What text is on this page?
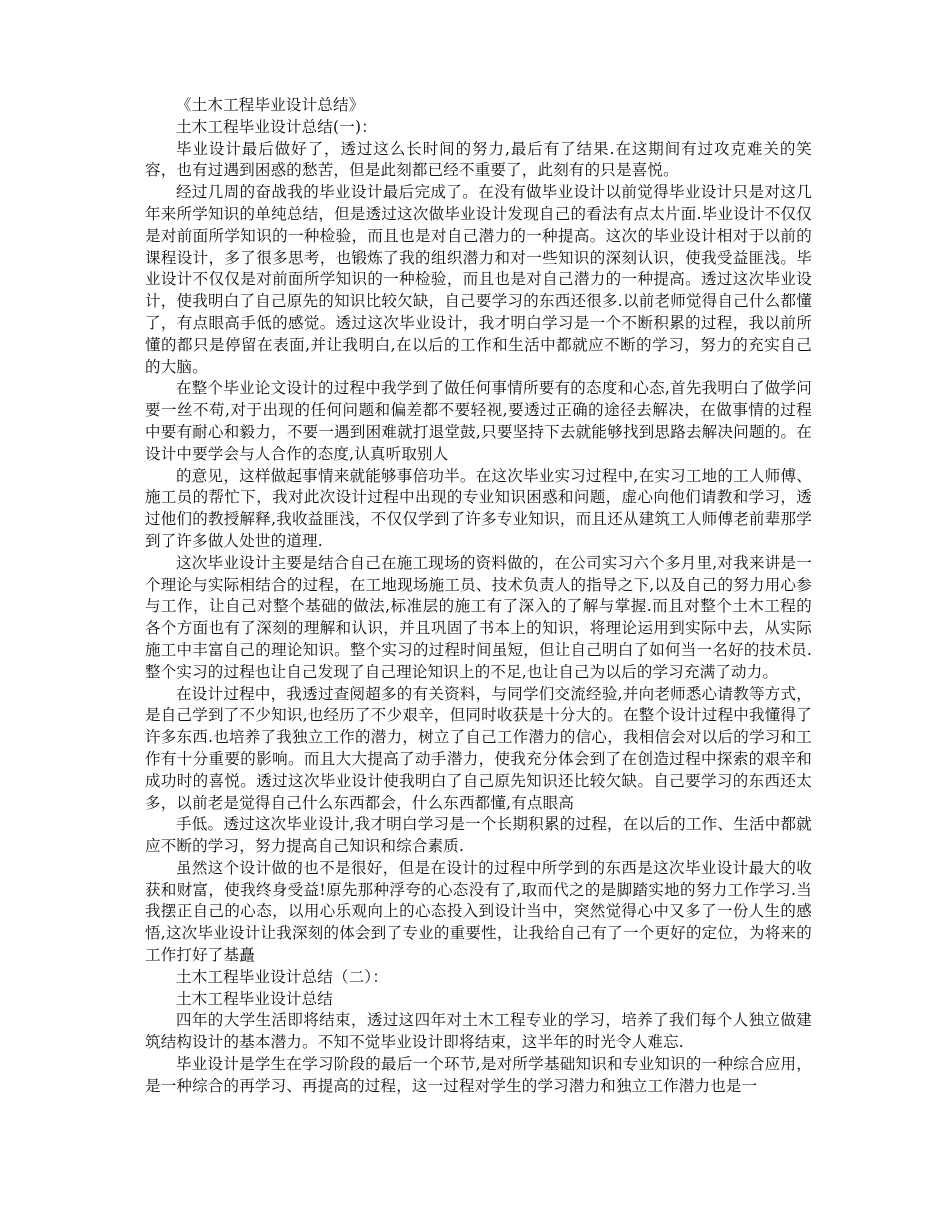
《土木工程毕业设计总结》

土木工程毕业设计总结(一)：

毕业设计最后做好了，透过这么长时间的努力,最后有了结果.在这期间有过攻克难关的笑容，也有过遇到困惑的愁苦，但是此刻都已经不重要了，此刻有的只是喜悦。

经过几周的奋战我的毕业设计最后完成了。在没有做毕业设计以前觉得毕业设计只是对这几年来所学知识的单纯总结，但是透过这次做毕业设计发现自己的看法有点太片面.毕业设计不仅仅是对前面所学知识的一种检验，而且也是对自己潜力的一种提高。这次的毕业设计相对于以前的课程设计，多了很多思考，也锻炼了我的组织潜力和对一些知识的深刻认识，使我受益匪浅。毕业设计不仅仅是对前面所学知识的一种检验，而且也是对自己潜力的一种提高。透过这次毕业设计，使我明白了自己原先的知识比较欠缺，自己要学习的东西还很多.以前老师觉得自己什么都懂了，有点眼高手低的感觉。透过这次毕业设计，我才明白学习是一个不断积累的过程，我以前所懂的都只是停留在表面,并让我明白,在以后的工作和生活中都就应不断的学习，努力的充实自己的大脑。

在整个毕业论文设计的过程中我学到了做任何事情所要有的态度和心态,首先我明白了做学问要一丝不苟,对于出现的任何问题和偏差都不要轻视,要透过正确的途径去解决，在做事情的过程中要有耐心和毅力，不要一遇到困难就打退堂鼓,只要坚持下去就能够找到思路去解决问题的。在设计中要学会与人合作的态度,认真听取别人

的意见，这样做起事情来就能够事倍功半。在这次毕业实习过程中,在实习工地的工人师傅、施工员的帮忙下，我对此次设计过程中出现的专业知识困惑和问题，虚心向他们请教和学习，透过他们的教授解释,我收益匪浅，不仅仅学到了许多专业知识，而且还从建筑工人师傅老前辈那学到了许多做人处世的道理.

这次毕业设计主要是结合自己在施工现场的资料做的，在公司实习六个多月里,对我来讲是一个理论与实际相结合的过程，在工地现场施工员、技术负责人的指导之下,以及自己的努力用心参与工作，让自己对整个基础的做法,标准层的施工有了深入的了解与掌握.而且对整个土木工程的各个方面也有了深刻的理解和认识，并且巩固了书本上的知识，将理论运用到实际中去，从实际施工中丰富自己的理论知识。整个实习的过程时间虽短，但让自己明白了如何当一名好的技术员.整个实习的过程也让自己发现了自己理论知识上的不足,也让自己为以后的学习充满了动力。

在设计过程中，我透过查阅超多的有关资料，与同学们交流经验,并向老师悉心请教等方式，是自己学到了不少知识,也经历了不少艰辛，但同时收获是十分大的。在整个设计过程中我懂得了许多东西.也培养了我独立工作的潜力，树立了自己工作潜力的信心，我相信会对以后的学习和工作有十分重要的影响。而且大大提高了动手潜力，使我充分体会到了在创造过程中探索的艰辛和成功时的喜悦。透过这次毕业设计使我明白了自己原先知识还比较欠缺。自己要学习的东西还太多，以前老是觉得自己什么东西都会，什么东西都懂,有点眼高

手低。透过这次毕业设计,我才明白学习是一个长期积累的过程，在以后的工作、生活中都就应不断的学习，努力提高自己知识和综合素质.

虽然这个设计做的也不是很好，但是在设计的过程中所学到的东西是这次毕业设计最大的收获和财富，使我终身受益!原先那种浮夸的心态没有了,取而代之的是脚踏实地的努力工作学习.当我摆正自己的心态，以用心乐观向上的心态投入到设计当中，突然觉得心中又多了一份人生的感悟,这次毕业设计让我深刻的体会到了专业的重要性，让我给自己有了一个更好的定位，为将来的工作打好了基矗

土木工程毕业设计总结（二）：

土木工程毕业设计总结

四年的大学生活即将结束，透过这四年对土木工程专业的学习，培养了我们每个人独立做建筑结构设计的基本潜力。不知不觉毕业设计即将结束，这半年的时光令人难忘.

毕业设计是学生在学习阶段的最后一个环节,是对所学基础知识和专业知识的一种综合应用，是一种综合的再学习、再提高的过程，这一过程对学生的学习潜力和独立工作潜力也是一
